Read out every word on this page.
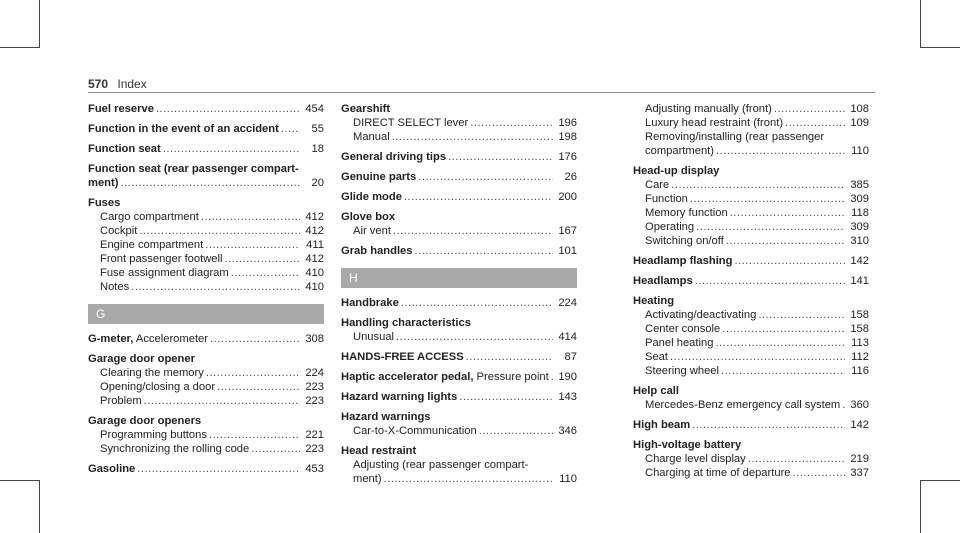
570 Index
Fuel reserve .....	454
Function in the event of an accident .....	55
Function seat .....	18
Function seat (rear passenger compart-
ment) .....	20
Fuses
Cargo compartment .....	412
Cockpit .....	412
Engine compartment .....	411
Front passenger footwell .....	412
Fuse assignment diagram .....	410
Notes .....	410
G
G-meter, Accelerometer .....	308
Garage door opener
Clearing the memory .....	224
Opening/closing a door .....	223
Problem .....	223
Garage door openers
Programming buttons .....	221
Synchronizing the rolling code .....	223
Gasoline .....	453
Gearshift
DIRECT SELECT lever .....	196
Manual .....	198
General driving tips .....	176
Genuine parts .....	26
Glide mode .....	200
Glove box
Air vent .....	167
Grab handles .....	101
H
Handbrake .....	224
Handling characteristics
Unusual .....	414
HANDS-FREE ACCESS .....	87
Haptic accelerator pedal, Pressure point ..... 190
Hazard warning lights .....	143
Hazard warnings
Car-to-X-Communication .....	346
Head restraint
Adjusting (rear passenger compart-
ment) .....	110
Adjusting manually (front) .....	108
Luxury head restraint (front) .....	109
Removing/installing (rear passenger
compartment) .....	110
Head-up display
Care .....	385
Function .....	309
Memory function .....	118
Operating .....	309
Switching on/off .....	310
Headlamp flashing .....	142
Headlamps .....	141
Heating
Activating/deactivating .....	158
Center console .....	158
Panel heating .....	113
Seat .....	112
Steering wheel .....	116
Help call
Mercedes-Benz emergency call system ..... 360
High beam .....	142
High-voltage battery
Charge level display .....	219
Charging at time of departure .....	337
